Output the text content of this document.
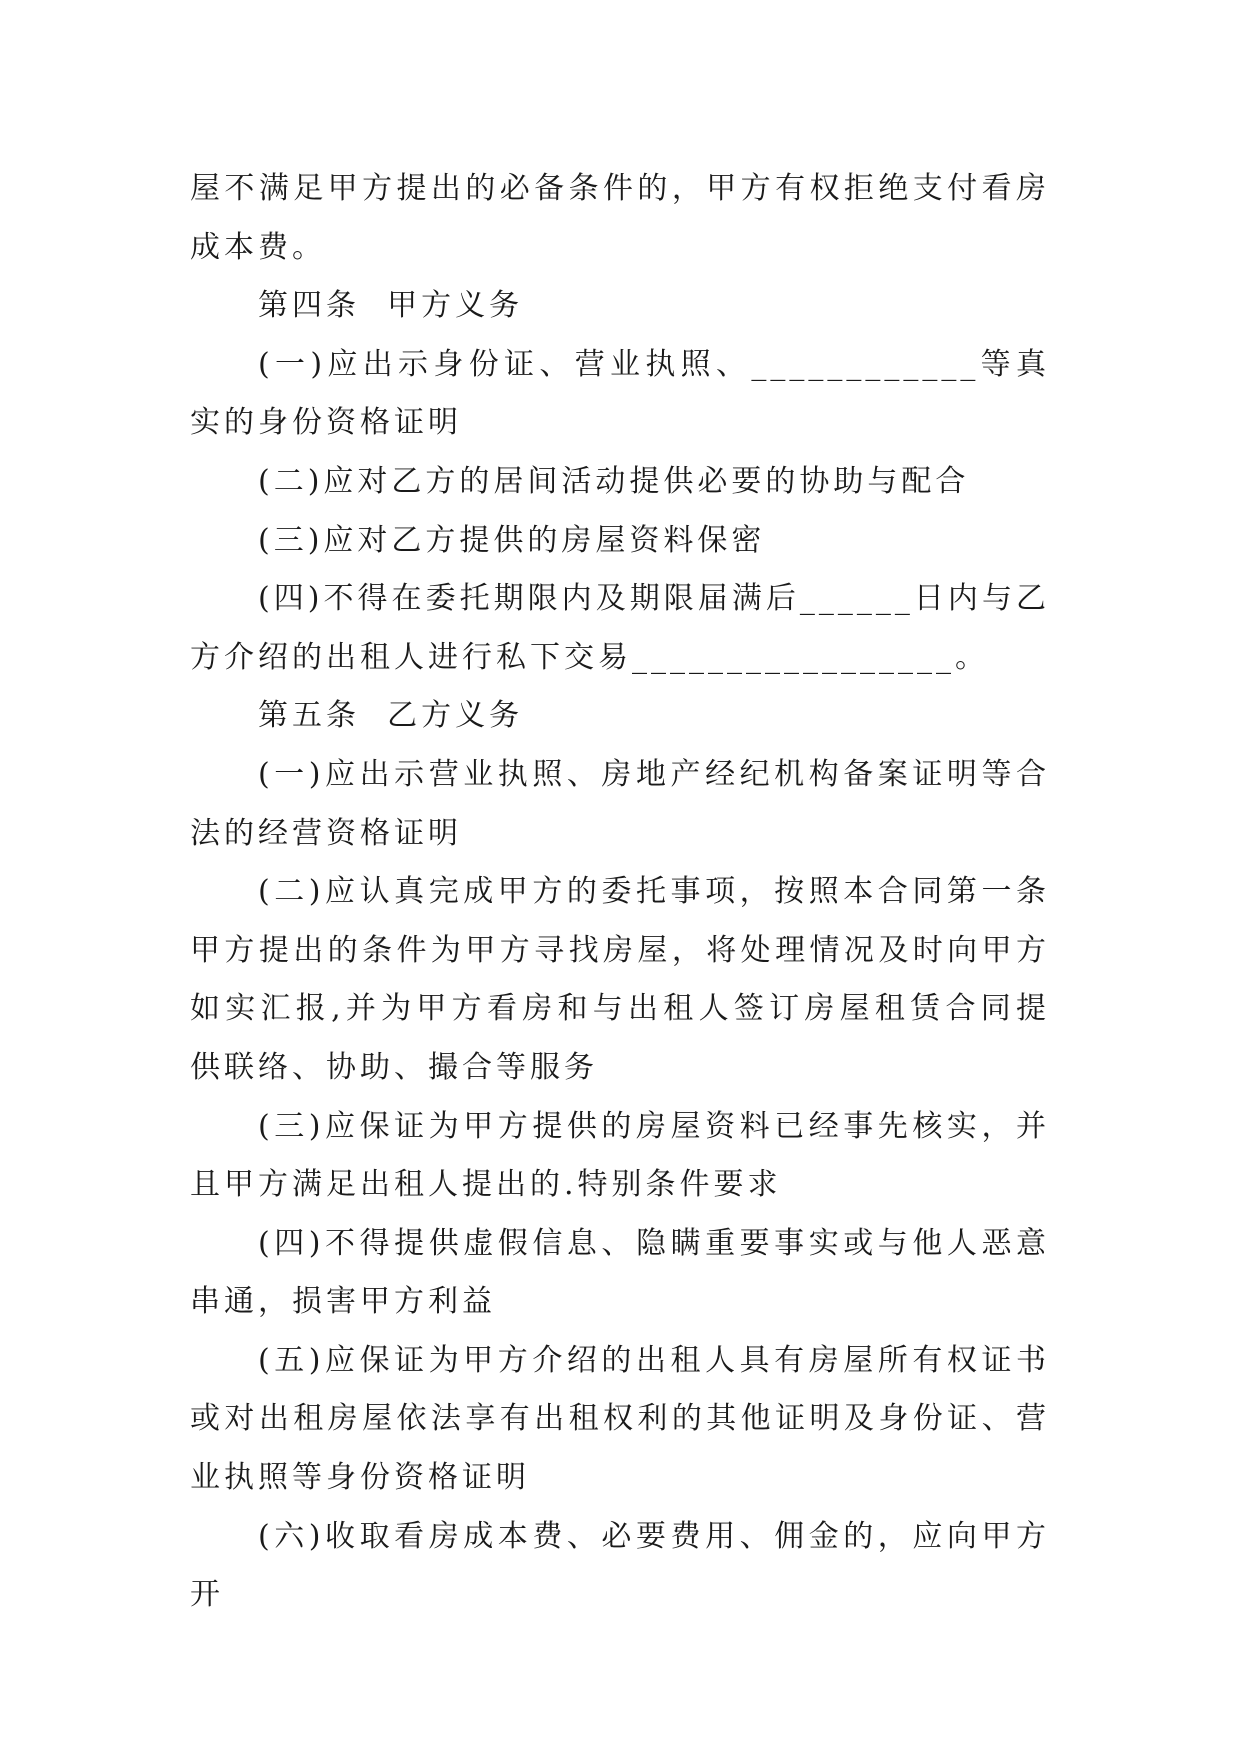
屋不满足甲方提出的必备条件的，甲方有权拒绝支付看房成本费。

第四条  甲方义务

(一)应出示身份证、营业执照、____________等真实的身份资格证明

(二)应对乙方的居间活动提供必要的协助与配合

(三)应对乙方提供的房屋资料保密

(四)不得在委托期限内及期限届满后______日内与乙方介绍的出租人进行私下交易_________________。

第五条  乙方义务

(一)应出示营业执照、房地产经纪机构备案证明等合法的经营资格证明

(二)应认真完成甲方的委托事项，按照本合同第一条甲方提出的条件为甲方寻找房屋，将处理情况及时向甲方如实汇报,并为甲方看房和与出租人签订房屋租赁合同提供联络、协助、撮合等服务

(三)应保证为甲方提供的房屋资料已经事先核实，并且甲方满足出租人提出的.特别条件要求

(四)不得提供虚假信息、隐瞒重要事实或与他人恶意串通，损害甲方利益

(五)应保证为甲方介绍的出租人具有房屋所有权证书或对出租房屋依法享有出租权利的其他证明及身份证、营业执照等身份资格证明

(六)收取看房成本费、必要费用、佣金的，应向甲方开
